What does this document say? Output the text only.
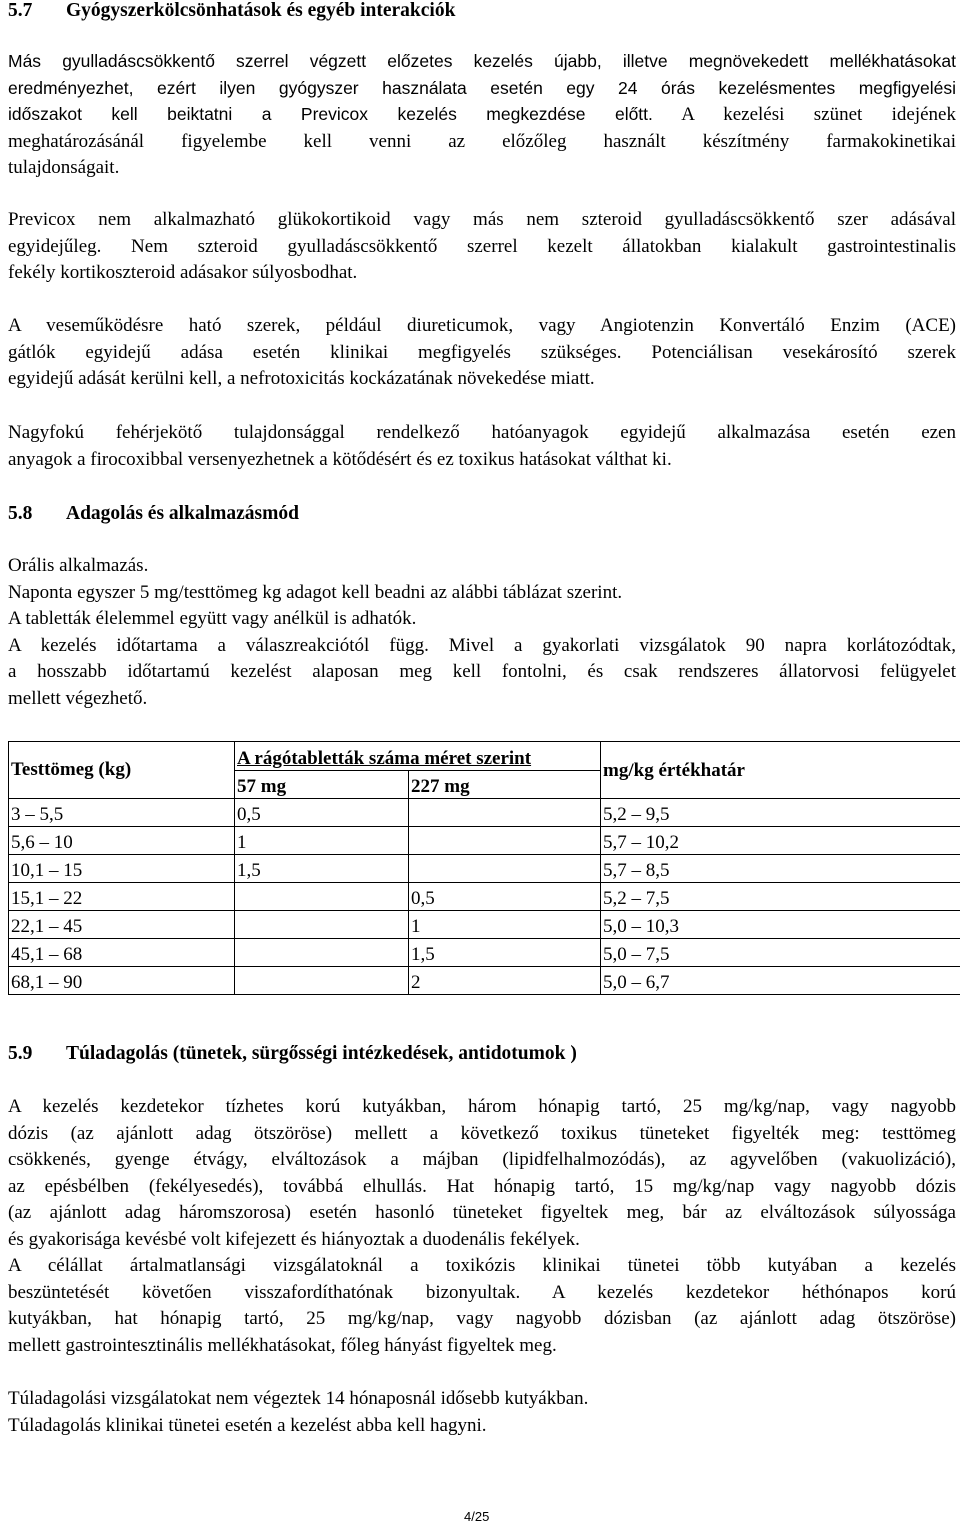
5.7 Gyógyszerkölcsönhatások és egyéb interakciók
Más gyulladáscsökkentő szerrel végzett előzetes kezelés újabb, illetve megnövekedett mellékhatásokat
eredményezhet, ezért ilyen gyógyszer használata esetén egy 24 órás kezelésmentes megfigyelési
időszakot kell beiktatni a Previcox kezelés megkezdése előtt. A kezelési szünet idejének
meghatározásánál figyelembe kell venni az előzőleg használt készítmény farmakokinetikai
tulajdonságait.
Previcox nem alkalmazható glükokortikoid vagy más nem szteroid gyulladáscsökkentő szer adásával
egyidejűleg. Nem szteroid gyulladáscsökkentő szerrel kezelt állatokban kialakult gastrointestinalis
fekély kortikoszteroid adásakor súlyosbodhat.
A veseműködésre ható szerek, például diureticumok, vagy Angiotenzin Konvertáló Enzim (ACE)
gátlók egyidejű adása esetén klinikai megfigyelés szükséges. Potenciálisan vesekárosító szerek
egyidejű adását kerülni kell, a nefrotoxicitás kockázatának növekedése miatt.
Nagyfokú fehérjekötő tulajdonsággal rendelkező hatóanyagok egyidejű alkalmazása esetén ezen
anyagok a firocoxibbal versenyezhetnek a kötődésért és ez toxikus hatásokat válthat ki.
5.8 Adagolás és alkalmazásmód
Orális alkalmazás.
Naponta egyszer 5 mg/testtömeg kg adagot kell beadni az alábbi táblázat szerint.
A tabletták élelemmel együtt vagy anélkül is adhatók.
A kezelés időtartama a válaszreakciótól függ. Mivel a gyakorlati vizsgálatok 90 napra korlátozódtak,
a hosszabb időtartamú kezelést alaposan meg kell fontolni, és csak rendszeres állatorvosi felügyelet
mellett végezhető.
Testtömeg (kg)	A rágótabletták száma méret szerint		mg/kg értékhatár
	57 mg	227 mg	
3 – 5,5	0,5		5,2 – 9,5
5,6 – 10	1		5,7 – 10,2
10,1 – 15	1,5		5,7 – 8,5
15,1 – 22		0,5	5,2 – 7,5
22,1 – 45		1	5,0 – 10,3
45,1 – 68		1,5	5,0 – 7,5
68,1 – 90		2	5,0 – 6,7
5.9 Túladagolás (tünetek, sürgősségi intézkedések, antidotumok )
A kezelés kezdetekor tízhetes korú kutyákban, három hónapig tartó, 25 mg/kg/nap, vagy nagyobb
dózis (az ajánlott adag ötszöröse) mellett a következő toxikus tüneteket figyelték meg: testtömeg
csökkenés, gyenge étvágy, elváltozások a májban (lipidfelhalmozódás), az agyvelőben (vakuolizáció),
az epésbélben (fekélyesedés), továbbá elhullás. Hat hónapig tartó, 15 mg/kg/nap vagy nagyobb dózis
(az ajánlott adag háromszorosa) esetén hasonló tüneteket figyeltek meg, bár az elváltozások súlyossága
és gyakorisága kevésbé volt kifejezett és hiányoztak a duodenális fekélyek.
A célállat ártalmatlansági vizsgálatoknál a toxikózis klinikai tünetei több kutyában a kezelés
beszüntetését követően visszafordíthatónak bizonyultak. A kezelés kezdetekor héthónapos korú
kutyákban, hat hónapig tartó, 25 mg/kg/nap, vagy nagyobb dózisban (az ajánlott adag ötszöröse)
mellett gastrointesztinális mellékhatásokat, főleg hányást figyeltek meg.
Túladagolási vizsgálatokat nem végeztek 14 hónaposnál idősebb kutyákban.
Túladagolás klinikai tünetei esetén a kezelést abba kell hagyni.
4/25
